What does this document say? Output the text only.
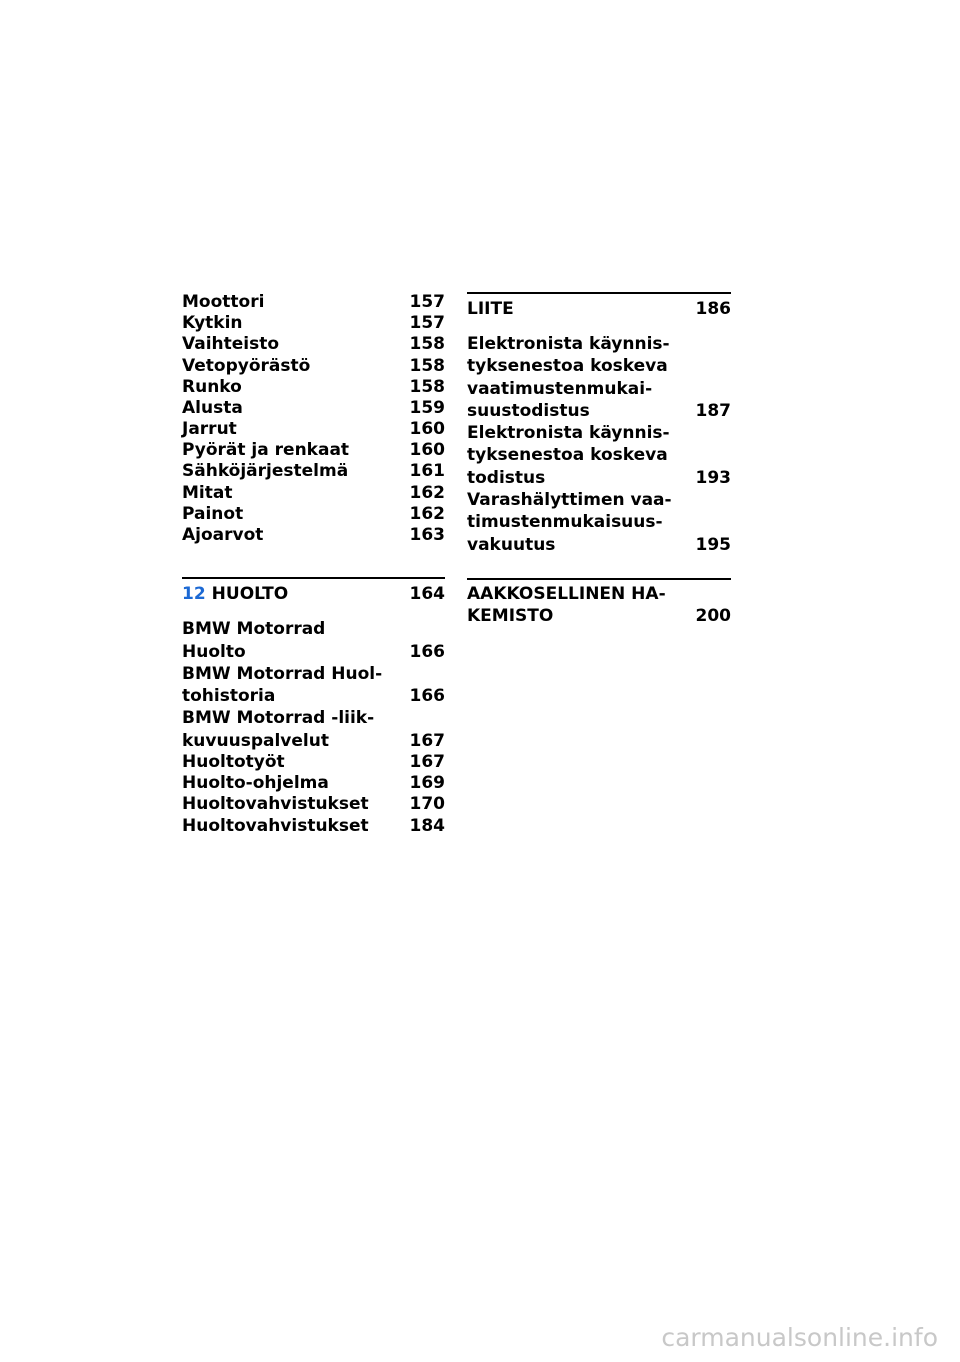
Moottori	157
Kytkin	157
Vaihteisto	158
Vetopyörästö	158
Runko	158
Alusta	159
Jarrut	160
Pyörät ja renkaat	160
Sähköjärjestelmä	161
Mitat	162
Painot	162
Ajoarvot	163
12 HUOLTO	164
BMW Motorrad
Huolto	166
BMW Motorrad Huol-
tohistoria	166
BMW Motorrad -liik-
kuvuuspalvelut	167
Huoltotyöt	167
Huolto-ohjelma	169
Huoltovahvistukset	170
Huoltovahvistukset	184
LIITE	186
Elektronista käynnis-
tyksenestoa koskeva
vaatimustenmukai-
suustodistus	187
Elektronista käynnis-
tyksenestoa koskeva
todistus	193
Varashälyttimen vaa-
timustenmukaisuus-
vakuutus	195
AAKKOSELLINEN HA-
KEMISTO	200
carmanualsonline.info
